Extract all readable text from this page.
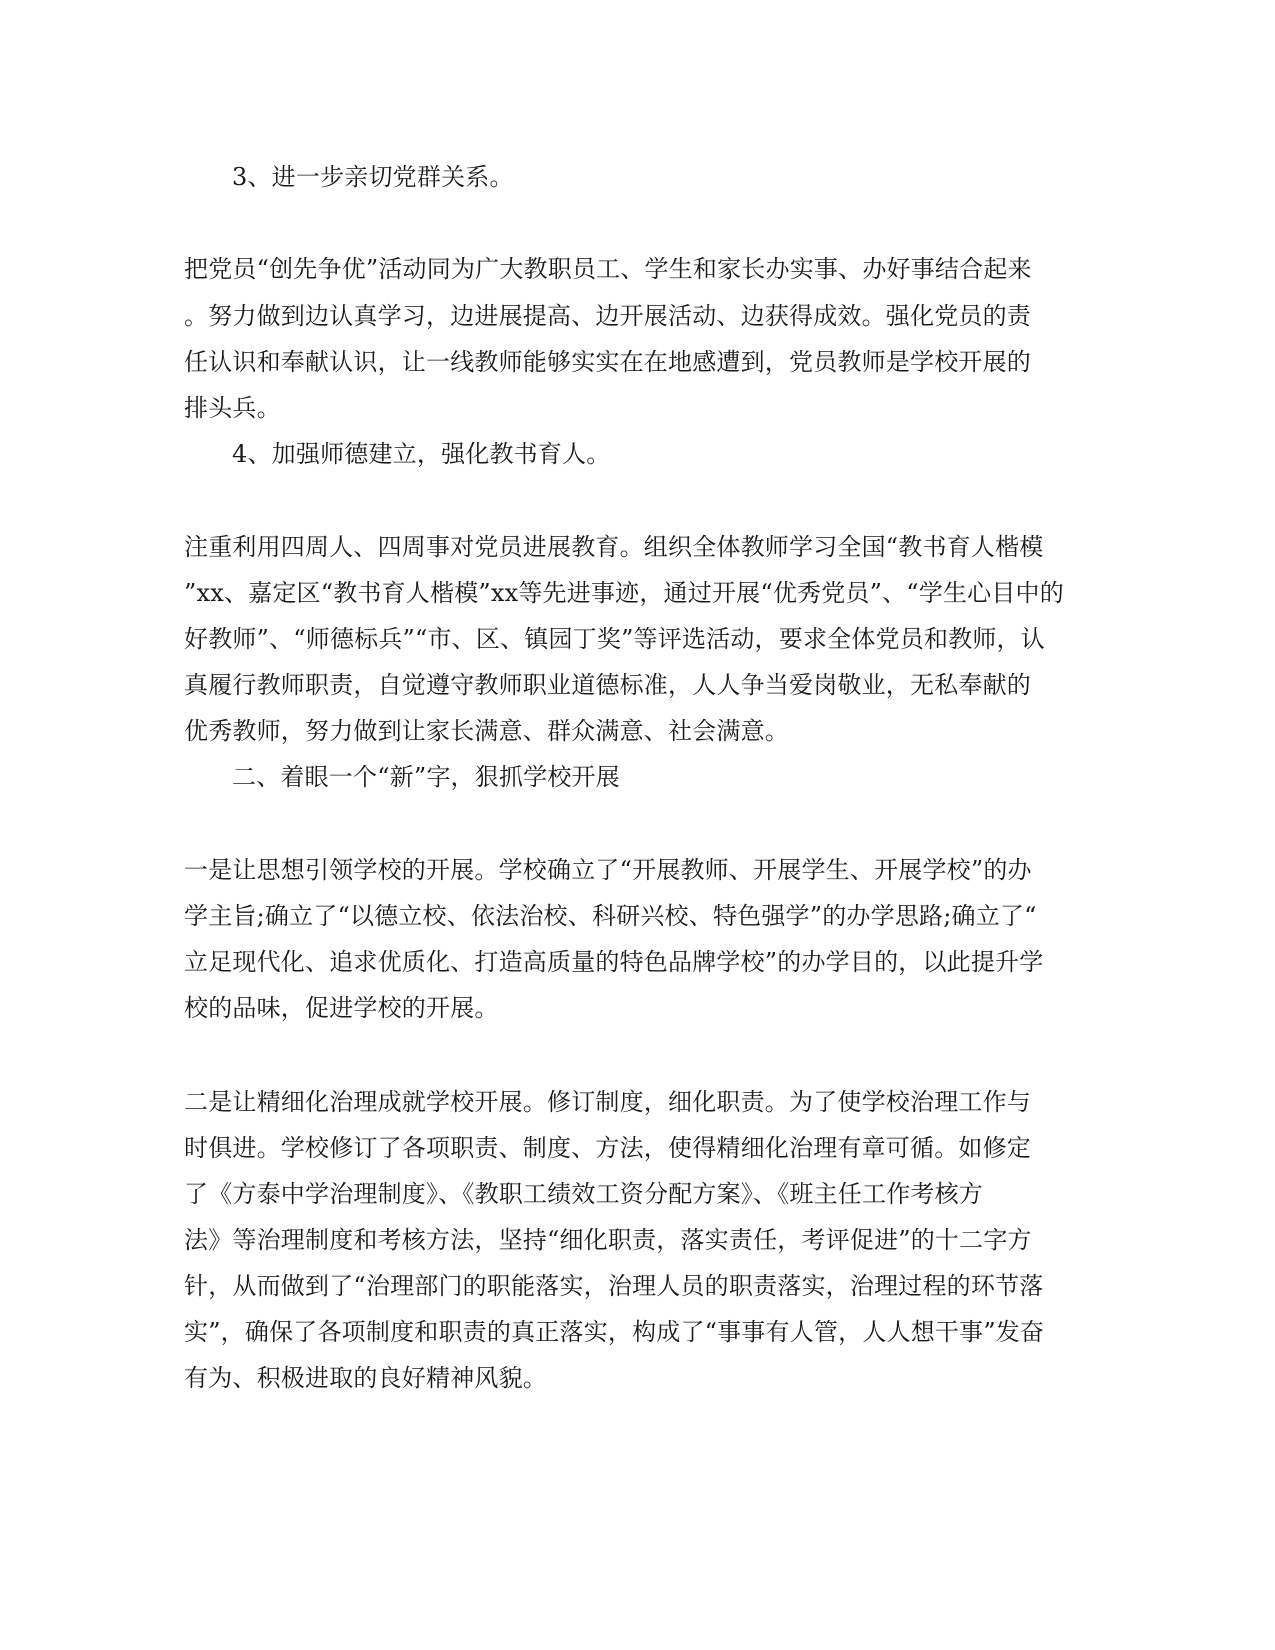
3、进一步亲切党群关系。
把党员“创先争优”活动同为广大教职员工、学生和家长办实事、办好事结合起来
。努力做到边认真学习，边进展提高、边开展活动、边获得成效。强化党员的责
任认识和奉献认识，让一线教师能够实实在在地感遭到，党员教师是学校开展的
排头兵。
4、加强师德建立，强化教书育人。
注重利用四周人、四周事对党员进展教育。组织全体教师学习全国“教书育人楷模
”xx、嘉定区“教书育人楷模”xx等先进事迹，通过开展“优秀党员”、“学生心目中的
好教师”、“师德标兵”“市、区、镇园丁奖”等评选活动，要求全体党员和教师，认
真履行教师职责，自觉遵守教师职业道德标准，人人争当爱岗敬业，无私奉献的
优秀教师，努力做到让家长满意、群众满意、社会满意。
二、着眼一个“新”字，狠抓学校开展
一是让思想引领学校的开展。学校确立了“开展教师、开展学生、开展学校”的办
学主旨;确立了“以德立校、依法治校、科研兴校、特色强学”的办学思路;确立了“
立足现代化、追求优质化、打造高质量的特色品牌学校”的办学目的，以此提升学
校的品味，促进学校的开展。
二是让精细化治理成就学校开展。修订制度，细化职责。为了使学校治理工作与
时俱进。学校修订了各项职责、制度、方法，使得精细化治理有章可循。如修定
了《方泰中学治理制度》、《教职工绩效工资分配方案》、《班主任工作考核方
法》等治理制度和考核方法，坚持“细化职责，落实责任，考评促进”的十二字方
针，从而做到了“治理部门的职能落实，治理人员的职责落实，治理过程的环节落
实”，确保了各项制度和职责的真正落实，构成了“事事有人管，人人想干事”发奋
有为、积极进取的良好精神风貌。
